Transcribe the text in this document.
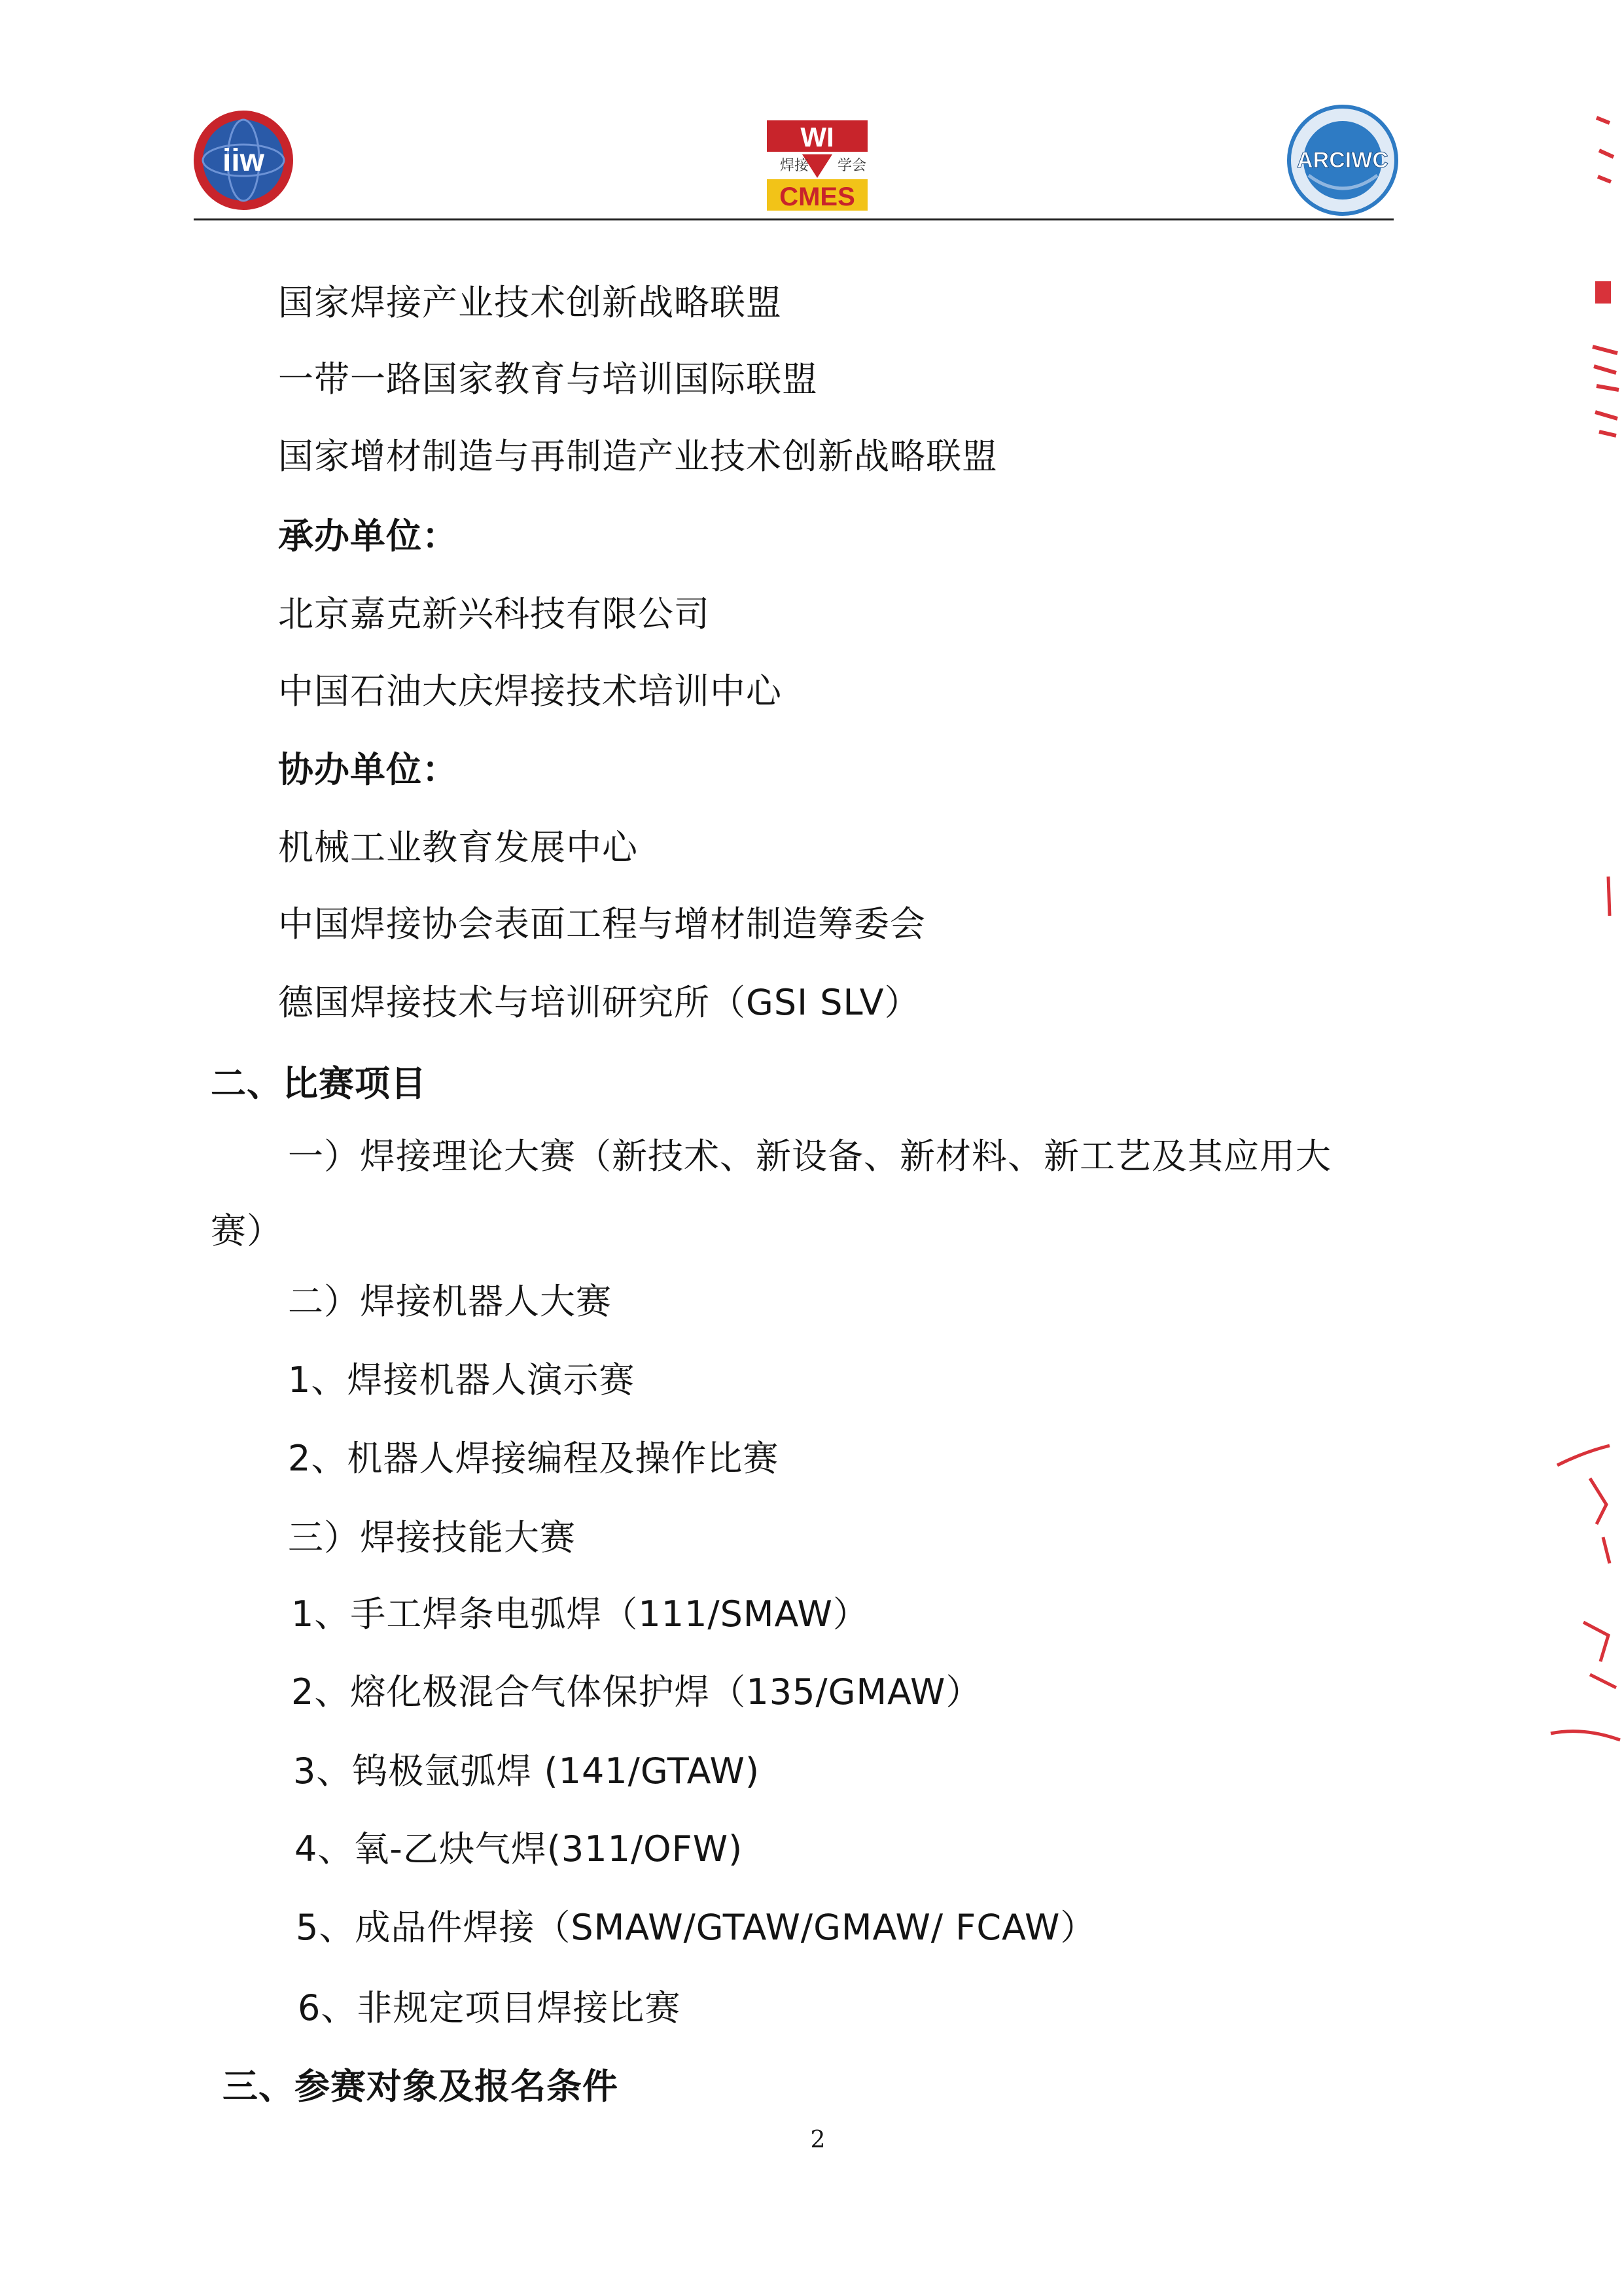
iiw
WI
焊接 学会
CMES
ARCIWC
国家焊接产业技术创新战略联盟
一带一路国家教育与培训国际联盟
国家增材制造与再制造产业技术创新战略联盟
承办单位：
北京嘉克新兴科技有限公司
中国石油大庆焊接技术培训中心
协办单位：
机械工业教育发展中心
中国焊接协会表面工程与增材制造筹委会
德国焊接技术与培训研究所（GSI SLV）
二、比赛项目
一）焊接理论大赛（新技术、新设备、新材料、新工艺及其应用大
赛）
二）焊接机器人大赛
1、焊接机器人演示赛
2、机器人焊接编程及操作比赛
三）焊接技能大赛
1、手工焊条电弧焊（111/SMAW）
2、熔化极混合气体保护焊（135/GMAW）
3、钨极氩弧焊 (141/GTAW)
4、氧-乙炔气焊(311/OFW)
5、成品件焊接（SMAW/GTAW/GMAW/ FCAW）
6、非规定项目焊接比赛
三、参赛对象及报名条件
2
